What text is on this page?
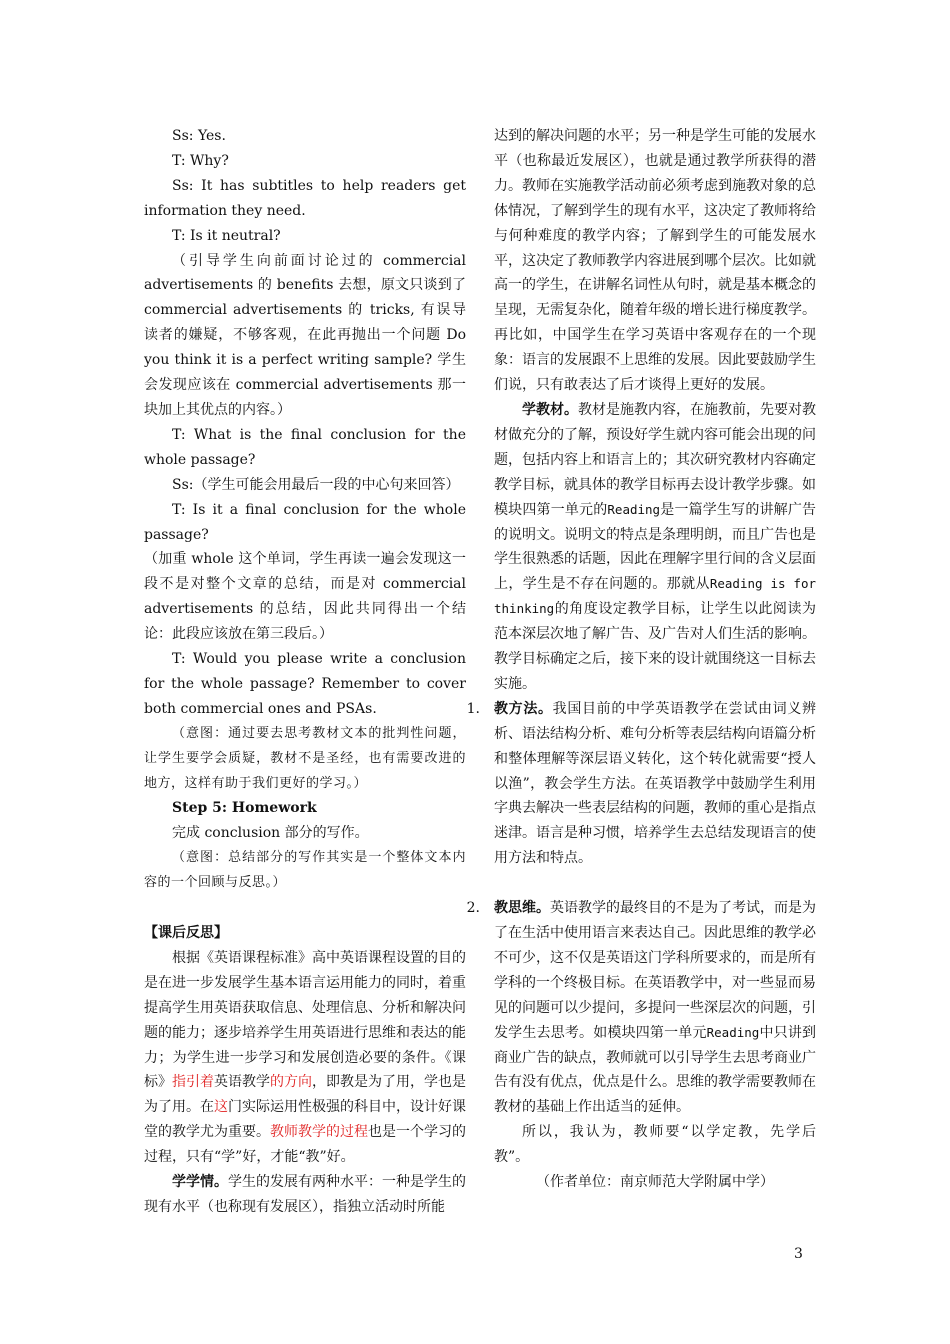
Ss: Yes.

T: Why?

Ss: It has subtitles to help readers get information they need.

T: Is it neutral?

（引导学生向前面讨论过的 commercial advertisements 的 benefits 去想，原文只谈到了 commercial advertisements 的 tricks, 有误导读者的嫌疑，不够客观，在此再抛出一个问题 Do you think it is a perfect writing sample? 学生会发现应该在 commercial advertisements 那一块加上其优点的内容。）

T: What is the final conclusion for the whole passage?

Ss:（学生可能会用最后一段的中心句来回答）

T: Is it a final conclusion for the whole passage?

（加重 whole 这个单词，学生再读一遍会发现这一段不是对整个文章的总结，而是对 commercial advertisements 的总结，因此共同得出一个结论：此段应该放在第三段后。）

T: Would you please write a conclusion for the whole passage? Remember to cover both commercial ones and PSAs.

（意图：通过要去思考教材文本的批判性问题，让学生要学会质疑，教材不是圣经，也有需要改进的地方，这样有助于我们更好的学习。）

Step 5: Homework

完成 conclusion 部分的写作。

（意图：总结部分的写作其实是一个整体文本内容的一个回顾与反思。）

【课后反思】

根据《英语课程标准》高中英语课程设置的目的是在进一步发展学生基本语言运用能力的同时，着重提高学生用英语获取信息、处理信息、分析和解决问题的能力；逐步培养学生用英语进行思维和表达的能力；为学生进一步学习和发展创造必要的条件。《课标》指引着英语教学的方向，即教是为了用，学也是为了用。在这门实际运用性极强的科目中，设计好课堂的教学尤为重要。教师教学的过程也是一个学习的过程，只有“学”好，才能“教”好。

学学情。学生的发展有两种水平：一种是学生的现有水平（也称现有发展区），指独立活动时所能

达到的解决问题的水平；另一种是学生可能的发展水平（也称最近发展区），也就是通过教学所获得的潜力。教师在实施教学活动前必须考虑到施教对象的总体情况，了解到学生的现有水平，这决定了教师将给与何种难度的教学内容；了解到学生的可能发展水平，这决定了教师教学内容进展到哪个层次。比如就高一的学生，在讲解名词性从句时，就是基本概念的呈现，无需复杂化，随着年级的增长进行梯度教学。再比如，中国学生在学习英语中客观存在的一个现象：语言的发展跟不上思维的发展。因此要鼓励学生们说，只有敢表达了后才谈得上更好的发展。

学教材。教材是施教内容，在施教前，先要对教材做充分的了解，预设好学生就内容可能会出现的问题，包括内容上和语言上的；其次研究教材内容确定教学目标，就具体的教学目标再去设计教学步骤。如模块四第一单元的Reading是一篇学生写的讲解广告的说明文。说明文的特点是条理明朗，而且广告也是学生很熟悉的话题，因此在理解字里行间的含义层面上，学生是不存在问题的。那就从Reading is for thinking的角度设定教学目标，让学生以此阅读为范本深层次地了解广告、及广告对人们生活的影响。教学目标确定之后，接下来的设计就围绕这一目标去实施。

1. 教方法。我国目前的中学英语教学在尝试由词义辨析、语法结构分析、难句分析等表层结构向语篇分析和整体理解等深层语义转化，这个转化就需要“授人以渔”，教会学生方法。在英语教学中鼓励学生利用字典去解决一些表层结构的问题，教师的重心是指点迷津。语言是种习惯，培养学生去总结发现语言的使用方法和特点。

2. 教思维。英语教学的最终目的不是为了考试，而是为了在生活中使用语言来表达自己。因此思维的教学必不可少，这不仅是英语这门学科所要求的，而是所有学科的一个终极目标。在英语教学中，对一些显而易见的问题可以少提问，多提问一些深层次的问题，引发学生去思考。如模块四第一单元Reading中只讲到商业广告的缺点，教师就可以引导学生去思考商业广告有没有优点，优点是什么。思维的教学需要教师在教材的基础上作出适当的延伸。

所以，我认为，教师要“以学定教，先学后教”。

（作者单位：南京师范大学附属中学）

3
